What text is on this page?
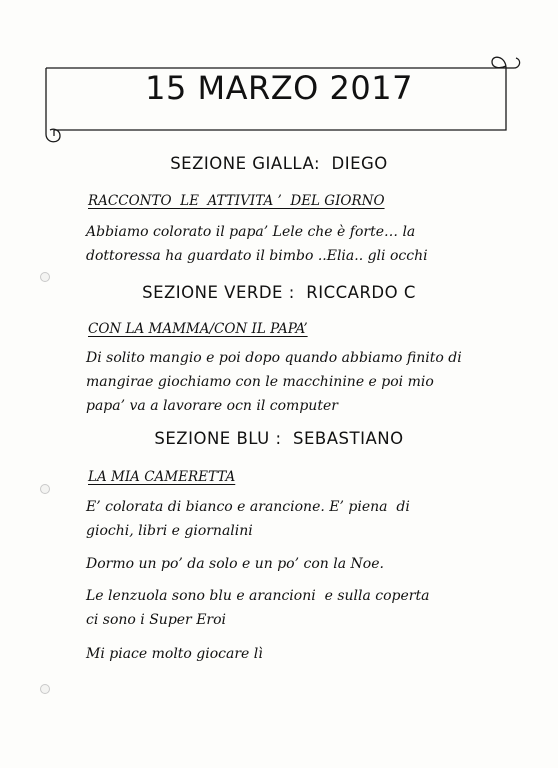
15 MARZO 2017
SEZIONE GIALLA:  DIEGO

RACCONTO  LE  ATTIVITA ’  DEL GIORNO

Abbiamo colorato il papa’ Lele che è forte… la

dottoressa ha guardato il bimbo ..Elia.. gli occhi

SEZIONE VERDE :  RICCARDO C

CON LA MAMMA/CON IL PAPA’

Di solito mangio e poi dopo quando abbiamo finito di

mangirae giochiamo con le macchinine e poi mio

papa’ va a lavorare ocn il computer

SEZIONE BLU :  SEBASTIANO

LA MIA CAMERETTA

E’ colorata di bianco e arancione. E’ piena  di

giochi, libri e giornalini

Dormo un po’ da solo e un po’ con la Noe.

Le lenzuola sono blu e arancioni  e sulla coperta

ci sono i Super Eroi

Mi piace molto giocare lì
